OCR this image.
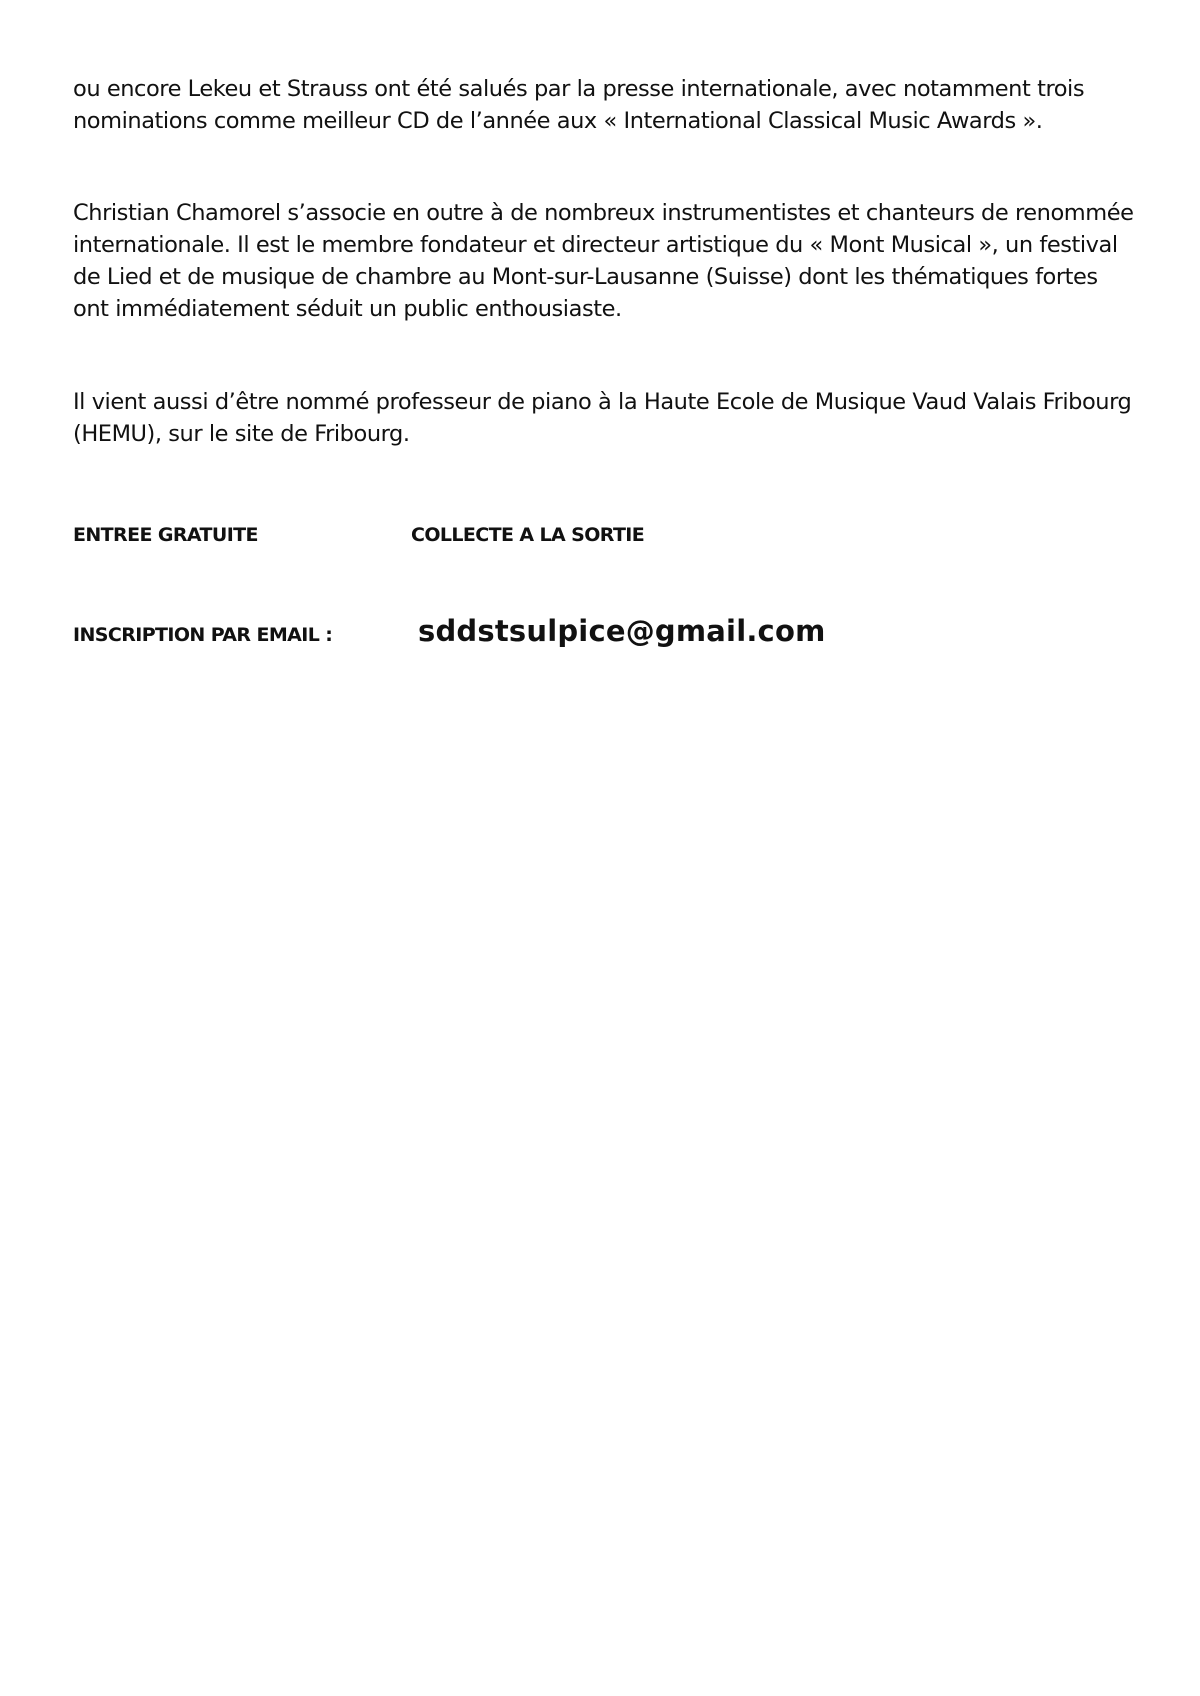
ou encore Lekeu et Strauss ont été salués par la presse internationale, avec notamment trois
nominations comme meilleur CD de l’année aux « International Classical Music Awards ».

Christian Chamorel s’associe en outre à de nombreux instrumentistes et chanteurs de renommée
internationale. Il est le membre fondateur et directeur artistique du « Mont Musical », un festival
de Lied et de musique de chambre au Mont-sur-Lausanne (Suisse) dont les thématiques fortes
ont immédiatement séduit un public enthousiaste.

Il vient aussi d’être nommé professeur de piano à la Haute Ecole de Musique Vaud Valais Fribourg
(HEMU), sur le site de Fribourg.

ENTREE GRATUITE	COLLECTE A LA SORTIE
INSCRIPTION PAR EMAIL :	sddstsulpice@gmail.com
